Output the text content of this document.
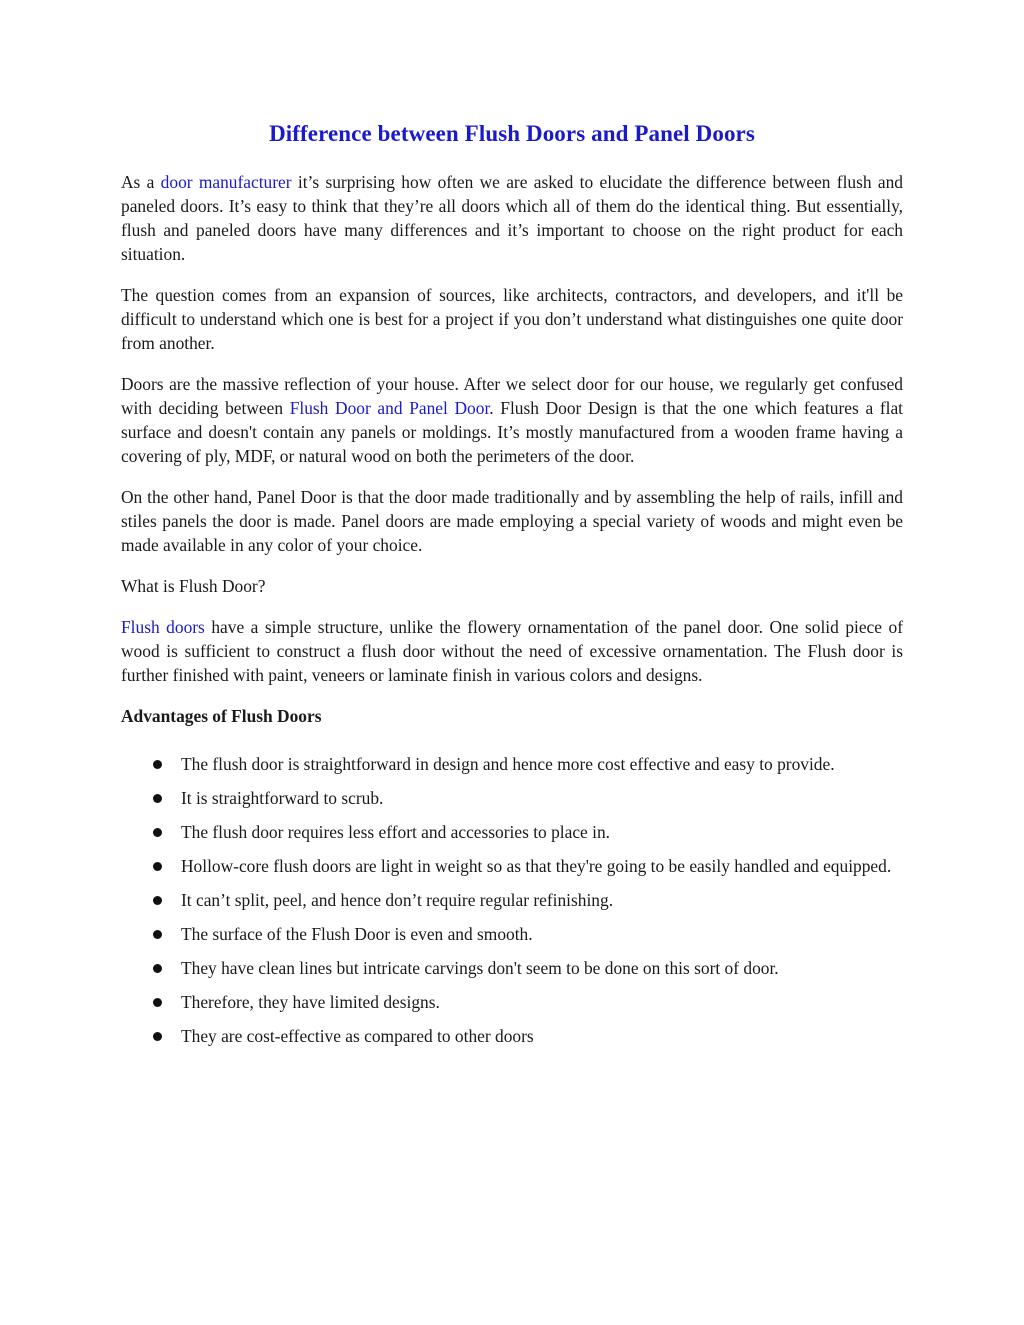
Difference between Flush Doors and Panel Doors

As a door manufacturer it’s surprising how often we are asked to elucidate the difference between flush and paneled doors. It’s easy to think that they’re all doors which all of them do the identical thing. But essentially, flush and paneled doors have many differences and it’s important to choose on the right product for each situation.

The question comes from an expansion of sources, like architects, contractors, and developers, and it'll be difficult to understand which one is best for a project if you don’t understand what distinguishes one quite door from another.

Doors are the massive reflection of your house. After we select door for our house, we regularly get confused with deciding between Flush Door and Panel Door. Flush Door Design is that the one which features a flat surface and doesn't contain any panels or moldings. It’s mostly manufactured from a wooden frame having a covering of ply, MDF, or natural wood on both the perimeters of the door.

On the other hand, Panel Door is that the door made traditionally and by assembling the help of rails, infill and stiles panels the door is made. Panel doors are made employing a special variety of woods and might even be made available in any color of your choice.

What is Flush Door?

Flush doors have a simple structure, unlike the flowery ornamentation of the panel door. One solid piece of wood is sufficient to construct a flush door without the need of excessive ornamentation. The Flush door is further finished with paint, veneers or laminate finish in various colors and designs.

Advantages of Flush Doors
The flush door is straightforward in design and hence more cost effective and easy to provide.
It is straightforward to scrub.
The flush door requires less effort and accessories to place in.
Hollow-core flush doors are light in weight so as that they're going to be easily handled and equipped.
It can’t split, peel, and hence don’t require regular refinishing.
The surface of the Flush Door is even and smooth.
They have clean lines but intricate carvings don't seem to be done on this sort of door.
Therefore, they have limited designs.
They are cost-effective as compared to other doors
